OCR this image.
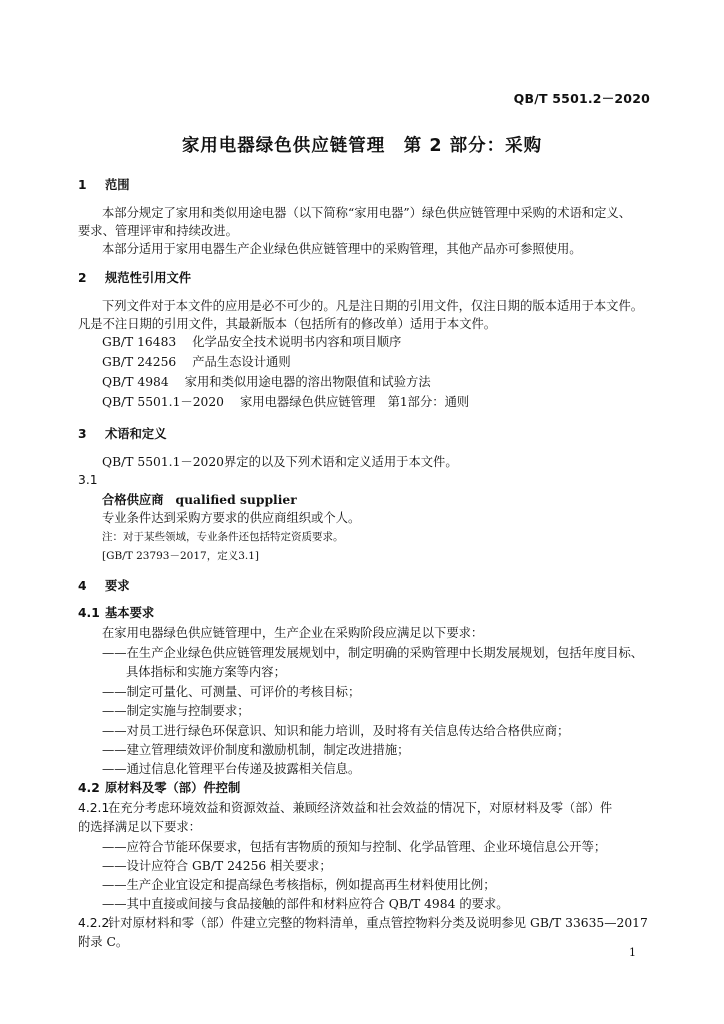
QB/T 5501.2－2020
家用电器绿色供应链管理　第 2 部分：采购
1 范围
本部分规定了家用和类似用途电器（以下简称“家用电器”）绿色供应链管理中采购的术语和定义、
要求、管理评审和持续改进。
本部分适用于家用电器生产企业绿色供应链管理中的采购管理，其他产品亦可参照使用。
2 规范性引用文件
下列文件对于本文件的应用是必不可少的。凡是注日期的引用文件，仅注日期的版本适用于本文件。
凡是不注日期的引用文件，其最新版本（包括所有的修改单）适用于本文件。
GB/T 16483 化学品安全技术说明书内容和项目顺序
GB/T 24256 产品生态设计通则
QB/T 4984 家用和类似用途电器的溶出物限值和试验方法
QB/T 5501.1－2020 家用电器绿色供应链管理　第1部分：通则
3 术语和定义
QB/T 5501.1－2020界定的以及下列术语和定义适用于本文件。
3.1
合格供应商 qualified supplier
专业条件达到采购方要求的供应商组织或个人。
注：对于某些领域，专业条件还包括特定资质要求。
[GB/T 23793－2017，定义3.1]
4 要求
4.1 基本要求
在家用电器绿色供应链管理中，生产企业在采购阶段应满足以下要求：
——在生产企业绿色供应链管理发展规划中，制定明确的采购管理中长期发展规划，包括年度目标、
具体指标和实施方案等内容；
——制定可量化、可测量、可评价的考核目标；
——制定实施与控制要求；
——对员工进行绿色环保意识、知识和能力培训，及时将有关信息传达给合格供应商；
——建立管理绩效评价制度和激励机制，制定改进措施；
——通过信息化管理平台传递及披露相关信息。
4.2 原材料及零（部）件控制
4.2.1在充分考虑环境效益和资源效益、兼顾经济效益和社会效益的情况下，对原材料及零（部）件
的选择满足以下要求：
——应符合节能环保要求，包括有害物质的预知与控制、化学品管理、企业环境信息公开等；
——设计应符合 GB/T 24256 相关要求；
——生产企业宜设定和提高绿色考核指标，例如提高再生材料使用比例；
——其中直接或间接与食品接触的部件和材料应符合 QB/T 4984 的要求。
4.2.2针对原材料和零（部）件建立完整的物料清单，重点管控物料分类及说明参见 GB/T 33635—2017
附录 C。
1
